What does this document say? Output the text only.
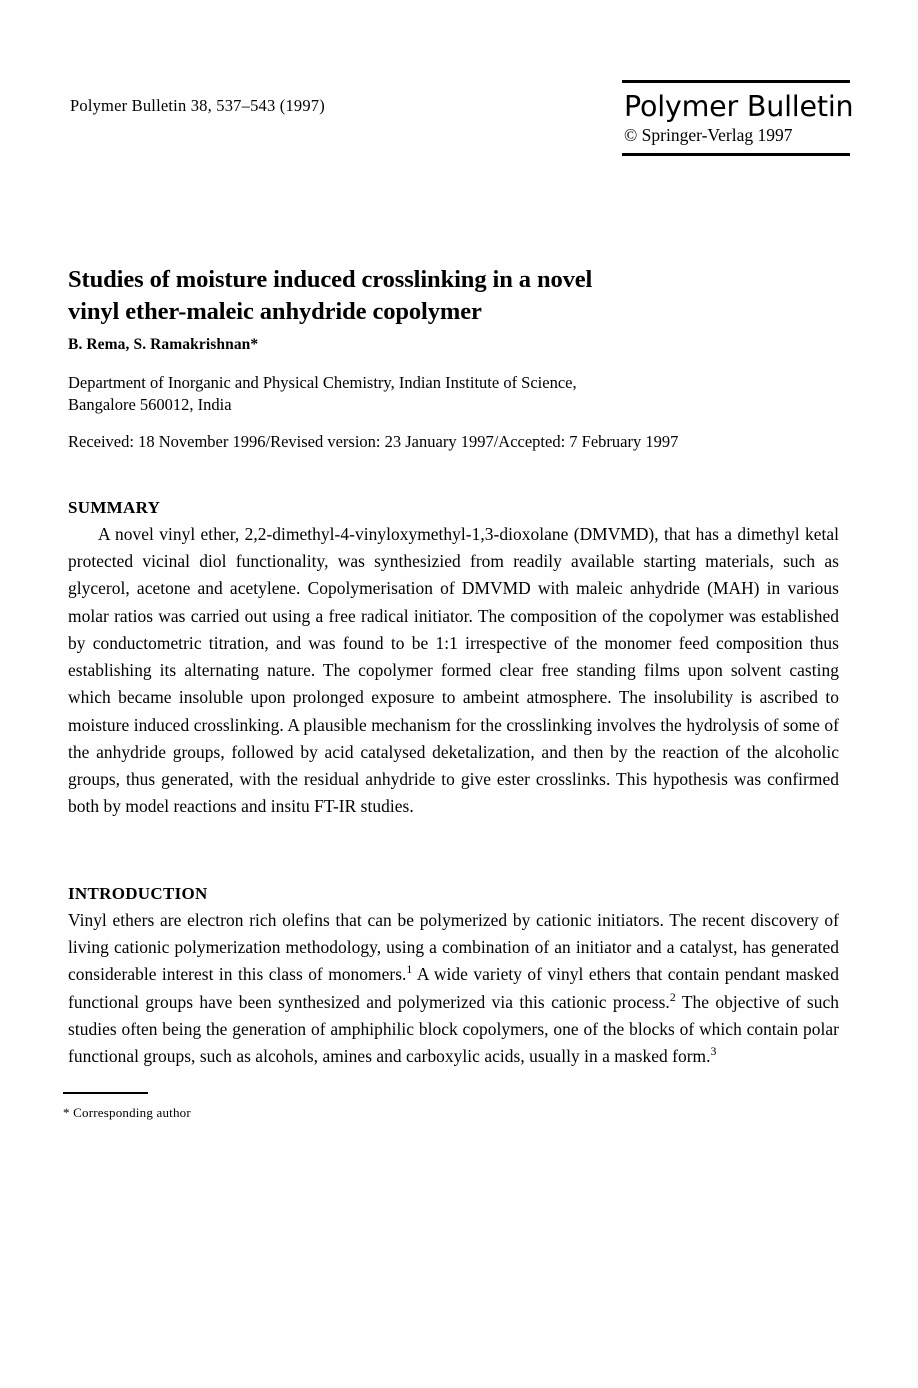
Polymer Bulletin 38, 537–543 (1997)	Polymer Bulletin
© Springer-Verlag 1997
Studies of moisture induced crosslinking in a novel
vinyl ether-maleic anhydride copolymer
B. Rema, S. Ramakrishnan*
Department of Inorganic and Physical Chemistry, Indian Institute of Science,
Bangalore 560012, India
Received: 18 November 1996/Revised version: 23 January 1997/Accepted: 7 February 1997
SUMMARY

A novel vinyl ether, 2,2-dimethyl-4-vinyloxymethyl-1,3-dioxolane (DMVMD), that has a dimethyl ketal protected vicinal diol functionality, was synthesizied from readily available starting materials, such as glycerol, acetone and acetylene. Copolymerisation of DMVMD with maleic anhydride (MAH) in various molar ratios was carried out using a free radical initiator. The composition of the copolymer was established by conductometric titration, and was found to be 1:1 irrespective of the monomer feed composition thus establishing its alternating nature. The copolymer formed clear free standing films upon solvent casting which became insoluble upon prolonged exposure to ambeint atmosphere. The insolubility is ascribed to moisture induced crosslinking. A plausible mechanism for the crosslinking involves the hydrolysis of some of the anhydride groups, followed by acid catalysed deketalization, and then by the reaction of the alcoholic groups, thus generated, with the residual anhydride to give ester crosslinks. This hypothesis was confirmed both by model reactions and insitu FT-IR studies.

INTRODUCTION

Vinyl ethers are electron rich olefins that can be polymerized by cationic initiators. The recent discovery of living cationic polymerization methodology, using a combination of an initiator and a catalyst, has generated considerable interest in this class of monomers.$^1$ A wide variety of vinyl ethers that contain pendant masked functional groups have been synthesized and polymerized via this cationic process.$^2$ The objective of such studies often being the generation of amphiphilic block copolymers, one of the blocks of which contain polar functional groups, such as alcohols, amines and carboxylic acids, usually in a masked form.$^3$

* Corresponding author
